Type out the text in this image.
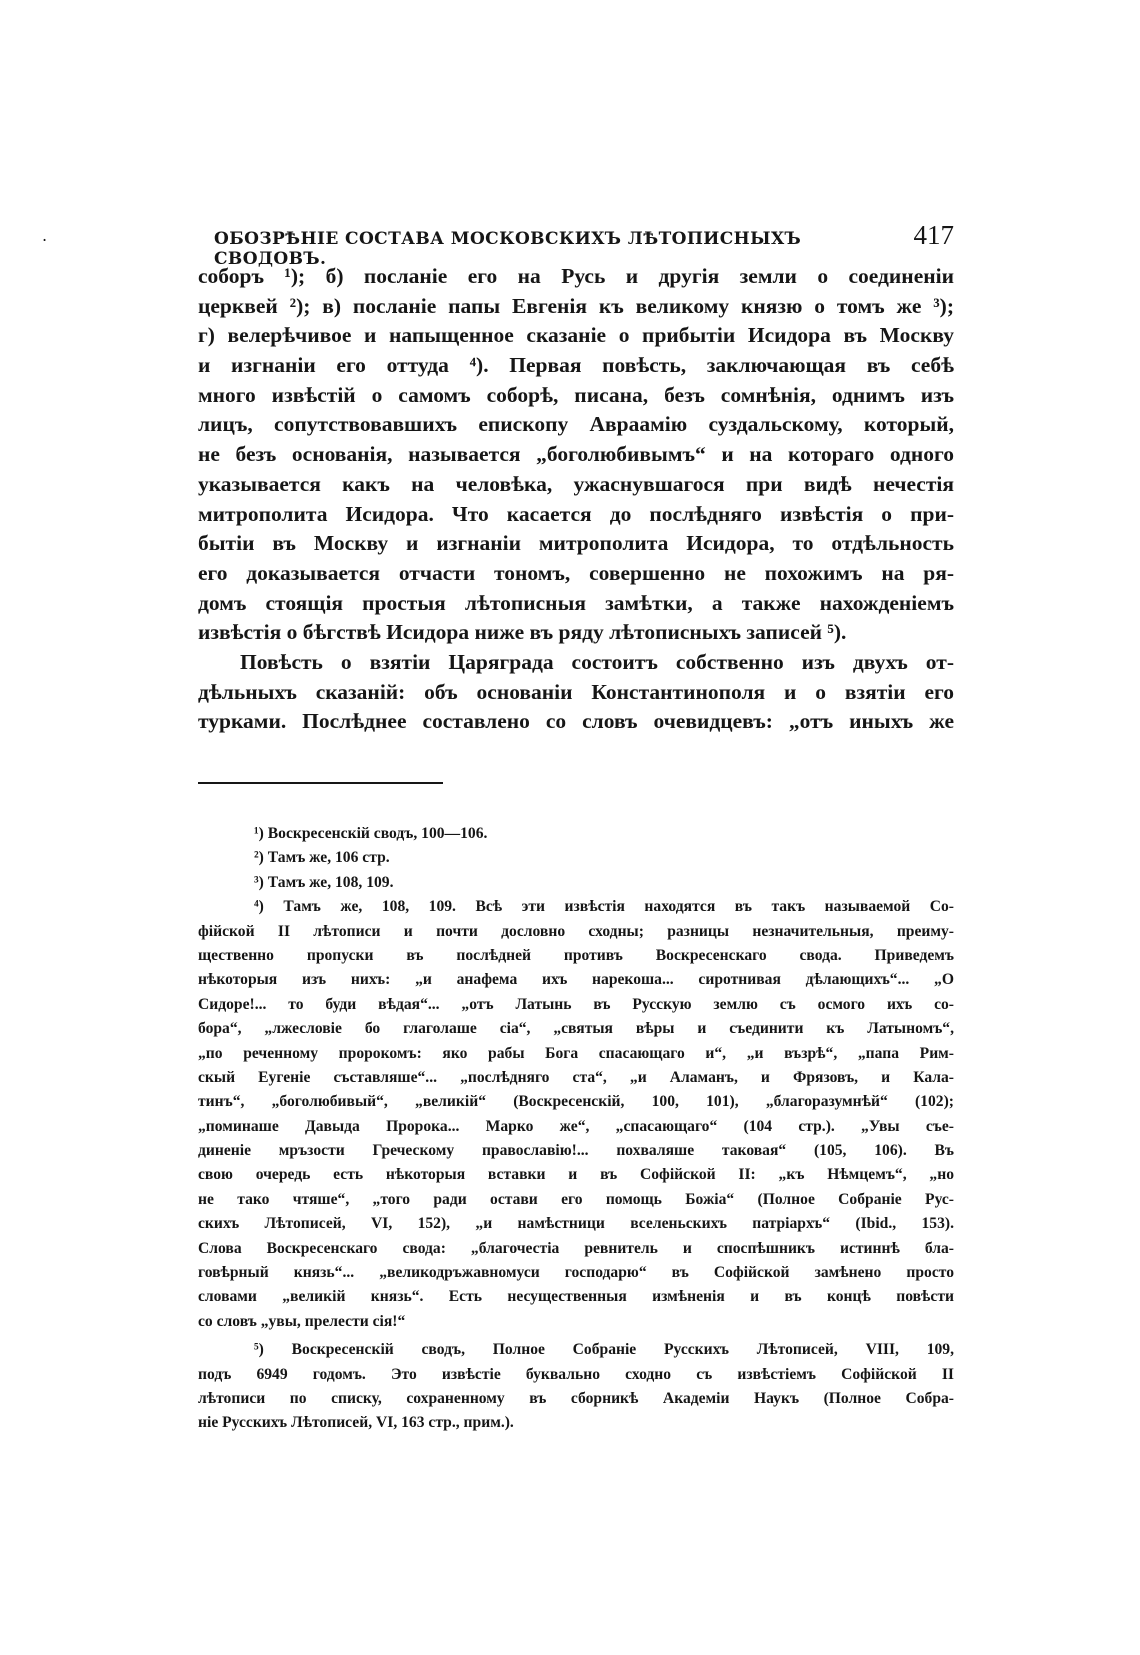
.	ОБОЗРѢНІЕ СОСТАВА МОСКОВСКИХЪ ЛѢТОПИСНЫХЪ СВОДОВЪ.
417
соборъ ¹); б) посланіе его на Русь и другія земли о соединеніи
церквей ²); в) посланіе папы Евгенія къ великому князю о томъ же ³);
г) велерѣчивое и напыщенное сказаніе о прибытіи Исидора въ Москву
и изгнаніи его оттуда ⁴). Первая повѣсть, заключающая въ себѣ
много извѣстій о самомъ соборѣ, писана, безъ сомнѣнія, однимъ изъ
лицъ, сопутствовавшихъ епископу Авраамію суздальскому, который,
не безъ основанія, называется „боголюбивымъ“ и на котораго одного
указывается какъ на человѣка, ужаснувшагося при видѣ нечестія
митрополита Исидора. Что касается до послѣдняго извѣстія о при-
бытіи въ Москву и изгнаніи митрополита Исидора, то отдѣльность
его доказывается отчасти тономъ, совершенно не похожимъ на ря-
домъ стоящія простыя лѣтописныя замѣтки, а также нахожденіемъ
извѣстія о бѣгствѣ Исидора ниже въ ряду лѣтописныхъ записей ⁵).
Повѣсть о взятіи Царяграда состоитъ собственно изъ двухъ от-
дѣльныхъ сказаній: объ основаніи Константинополя и о взятіи его
турками. Послѣднее составлено со словъ очевидцевъ: „отъ иныхъ же
¹) Воскресенскій сводъ, 100—106.
²) Тамъ же, 106 стр.
³) Тамъ же, 108, 109.
⁴) Тамъ же, 108, 109. Всѣ эти извѣстія находятся въ такъ называемой Со-
фійской II лѣтописи и почти дословно сходны; разницы незначительныя, преиму-
щественно пропуски въ послѣдней противъ Воскресенскаго свода. Приведемъ
нѣкоторыя изъ нихъ: „и анафема ихъ нарекоша... сиротнивая дѣлающихъ“... „О
Сидоре!... то буди вѣдая“... „отъ Латынь въ Русскую землю съ осмого ихъ со-
бора“, „лжесловіе бо глаголаше сіа“, „святыя вѣры и съединити къ Латыномъ“,
„по реченному пророкомъ: яко рабы Бога спасающаго и“, „и възрѣ“, „папа Рим-
скый Еугеніе съставляше“... „послѣдняго ста“, „и Аламанъ, и Фрязовъ, и Кала-
тинъ“, „боголюбивый“, „великій“ (Воскресенскій, 100, 101), „благоразумнѣй“ (102);
„поминаше Давыда Пророка... Марко же“, „спасающаго“ (104 стр.). „Увы съе-
диненіе мръзости Греческому православію!... похваляше таковая“ (105, 106). Въ
свою очередь есть нѣкоторыя вставки и въ Софійской II: „къ Нѣмцемъ“, „но
не тако чтяше“, „того ради остави его помощь Божіа“ (Полное Собраніе Рус-
скихъ Лѣтописей, VI, 152), „и намѣстници вселеньскихъ патріархъ“ (Ibid., 153).
Слова Воскресенскаго свода: „благочестіа ревнитель и споспѣшникъ истиннѣ бла-
говѣрный князь“... „великодръжавномуси господарю“ въ Софійской замѣнено просто
словами „великій князь“. Есть несущественныя измѣненія и въ концѣ повѣсти
со словъ „увы, прелести сія!“
⁵) Воскресенскій сводъ, Полное Собраніе Русскихъ Лѣтописей, VIII, 109,
подъ 6949 годомъ. Это извѣстіе буквально сходно съ извѣстіемъ Софійской II
лѣтописи по списку, сохраненному въ сборникѣ Академіи Наукъ (Полное Собра-
ніе Русскихъ Лѣтописей, VI, 163 стр., прим.).
